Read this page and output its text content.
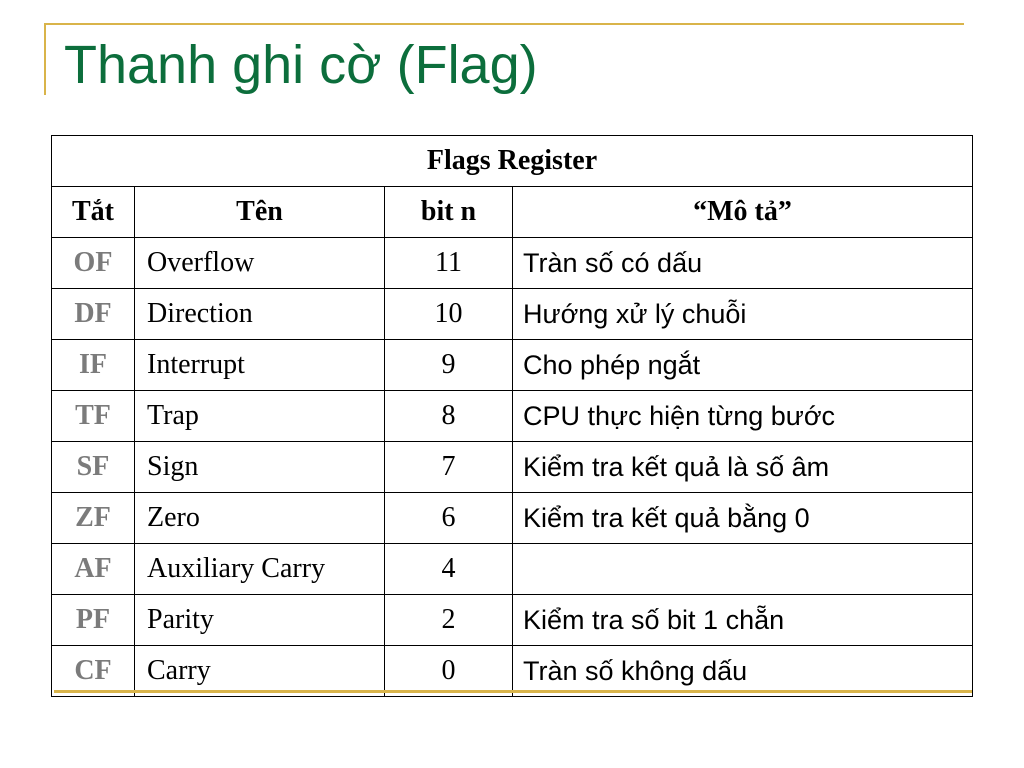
Thanh ghi cờ (Flag)
Flags Register			
Tắt	Tên	bit n	“Mô tả”
OF	Overflow	11	Tràn số có dấu
DF	Direction	10	Hướng xử lý chuỗi
IF	Interrupt	9	Cho phép ngắt
TF	Trap	8	CPU thực hiện từng bước
SF	Sign	7	Kiểm tra kết quả là số âm
ZF	Zero	6	Kiểm tra kết quả bằng 0
AF	Auxiliary Carry	4	
PF	Parity	2	Kiểm tra số bit 1 chẵn
CF	Carry	0	Tràn số không dấu
